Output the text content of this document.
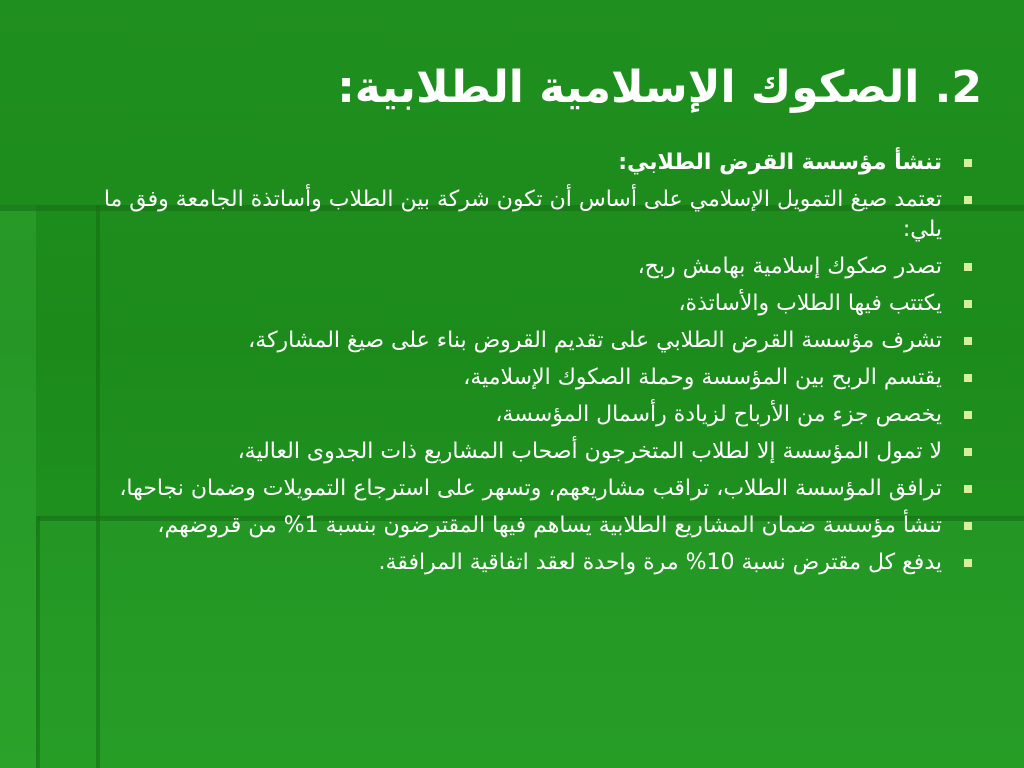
2. الصكوك الإسلامية الطلابية:
تنشأ مؤسسة القرض الطلابي:
تعتمد صيغ التمويل الإسلامي على أساس أن تكون شركة بين الطلاب وأساتذة الجامعة وفق ما يلي:
تصدر صكوك إسلامية بهامش ربح،
يكتتب فيها الطلاب والأساتذة،
تشرف مؤسسة القرض الطلابي على تقديم القروض بناء على صيغ المشاركة،
يقتسم الربح بين المؤسسة وحملة الصكوك الإسلامية،
يخصص جزء من الأرباح لزيادة رأسمال المؤسسة،
لا تمول المؤسسة إلا لطلاب المتخرجون أصحاب المشاريع ذات الجدوى العالية،
ترافق المؤسسة الطلاب، تراقب مشاريعهم، وتسهر على استرجاع التمويلات وضمان نجاحها،
تنشأ مؤسسة ضمان المشاريع الطلابية يساهم فيها المقترضون بنسبة 1% من قروضهم،
يدفع كل مقترض نسبة 10% مرة واحدة لعقد اتفاقية المرافقة.
